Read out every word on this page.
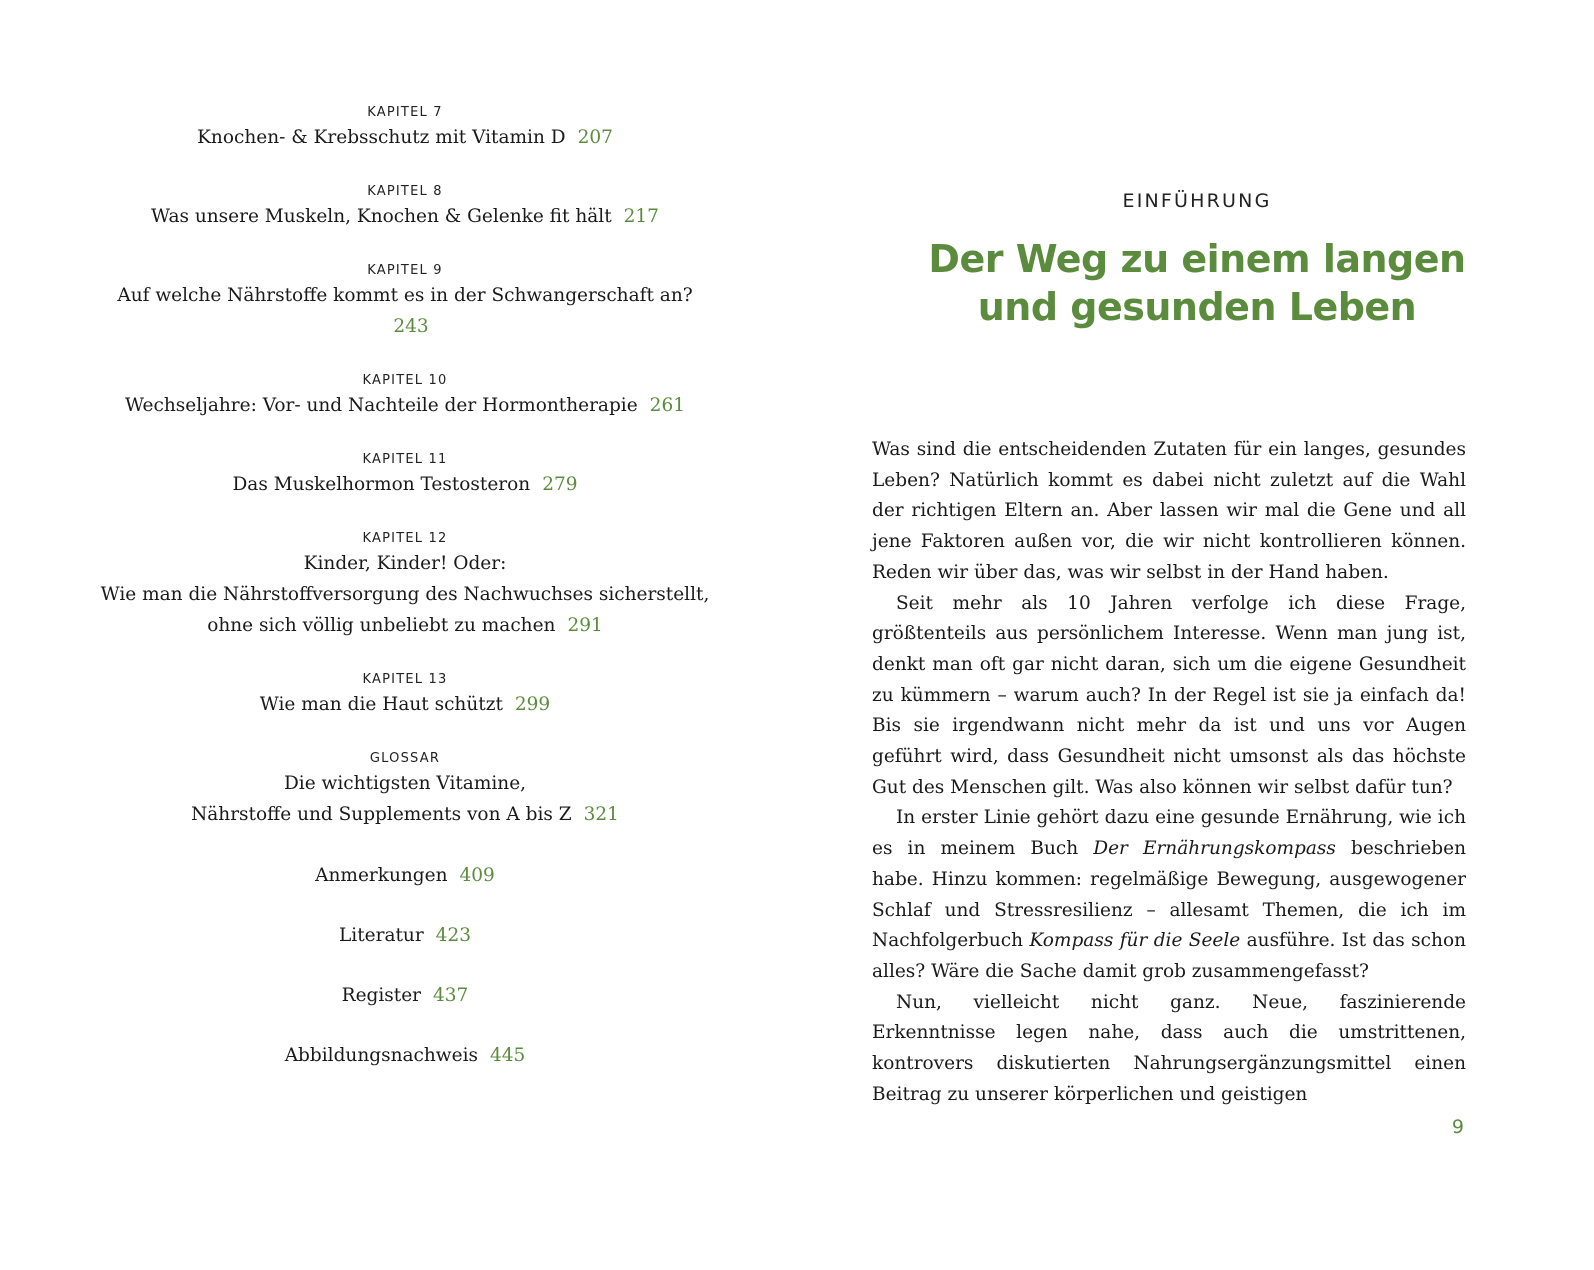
KAPITEL 7
Knochen- & Krebsschutz mit Vitamin D 207
KAPITEL 8
Was unsere Muskeln, Knochen & Gelenke fit hält 217
KAPITEL 9
Auf welche Nährstoffe kommt es in der Schwangerschaft an?243
KAPITEL 10
Wechseljahre: Vor- und Nachteile der Hormontherapie 261
KAPITEL 11
Das Muskelhormon Testosteron 279
KAPITEL 12
Kinder, Kinder! Oder:
Wie man die Nährstoffversorgung des Nachwuchses sicherstellt,
ohne sich völlig unbeliebt zu machen 291
KAPITEL 13
Wie man die Haut schützt 299
GLOSSAR
Die wichtigsten Vitamine,
Nährstoffe und Supplements von A bis Z 321
Anmerkungen 409
Literatur 423
Register 437
Abbildungsnachweis 445
EINFÜHRUNG
Der Weg zu einem langen
und gesunden Leben

Was sind die entscheidenden Zutaten für ein langes, gesundes Leben? Natürlich kommt es dabei nicht zuletzt auf die Wahl der richtigen Eltern an. Aber lassen wir mal die Gene und all jene Faktoren außen vor, die wir nicht kontrollieren können. Reden wir über das, was wir selbst in der Hand haben.

Seit mehr als 10 Jahren verfolge ich diese Frage, größtenteils aus persönlichem Interesse. Wenn man jung ist, denkt man oft gar nicht daran, sich um die eigene Gesundheit zu kümmern – warum auch? In der Regel ist sie ja einfach da! Bis sie irgendwann nicht mehr da ist und uns vor Augen geführt wird, dass Gesundheit nicht umsonst als das höchste Gut des Menschen gilt. Was also können wir selbst dafür tun?

In erster Linie gehört dazu eine gesunde Ernährung, wie ich es in meinem Buch Der Ernährungskompass beschrieben habe. Hinzu kommen: regelmäßige Bewegung, ausgewogener Schlaf und Stressresilienz – allesamt Themen, die ich im Nachfolgerbuch Kompass für die Seele ausführe. Ist das schon alles? Wäre die Sache damit grob zusammengefasst?

Nun, vielleicht nicht ganz. Neue, faszinierende Erkenntnisse legen nahe, dass auch die umstrittenen, kontrovers diskutierten Nahrungsergänzungsmittel einen Beitrag zu unserer körperlichen und geistigen

9
